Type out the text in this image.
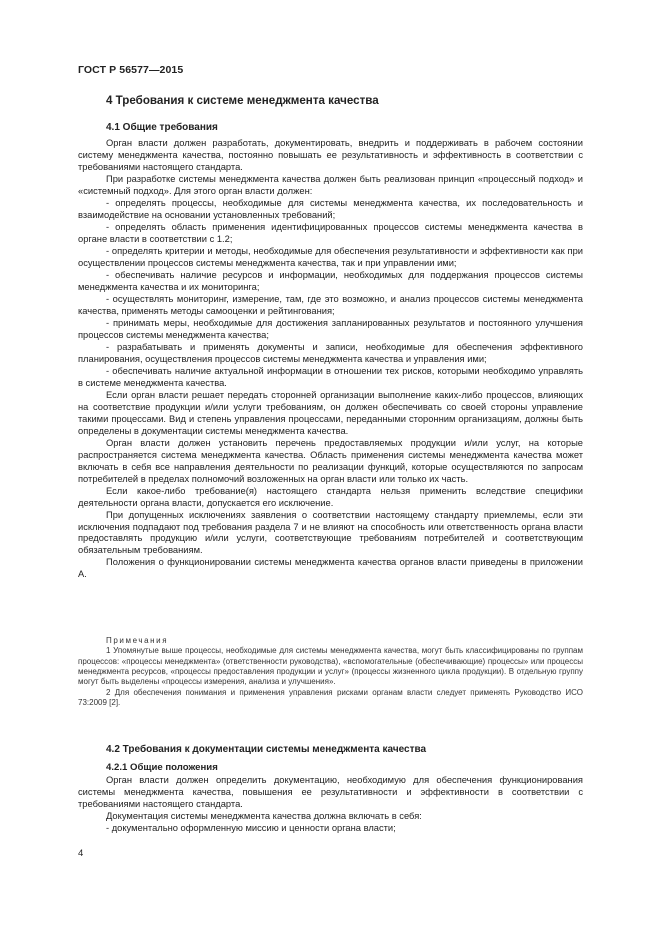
ГОСТ Р 56577—2015
4 Требования к системе менеджмента качества
4.1 Общие требования

Орган власти должен разработать, документировать, внедрить и поддерживать в рабочем состоянии систему менеджмента качества, постоянно повышать ее результативность и эффективность в соответствии с требованиями настоящего стандарта.

При разработке системы менеджмента качества должен быть реализован принцип «процессный подход» и «системный подход». Для этого орган власти должен:

- определять процессы, необходимые для системы менеджмента качества, их последовательность и взаимодействие на основании установленных требований;

- определять область применения идентифицированных процессов системы менеджмента качества в органе власти в соответствии с 1.2;

- определять критерии и методы, необходимые для обеспечения результативности и эффективности как при осуществлении процессов системы менеджмента качества, так и при управлении ими;

- обеспечивать наличие ресурсов и информации, необходимых для поддержания процессов системы менеджмента качества и их мониторинга;

- осуществлять мониторинг, измерение, там, где это возможно, и анализ процессов системы менеджмента качества, применять методы самооценки и рейтингования;

- принимать меры, необходимые для достижения запланированных результатов и постоянного улучшения процессов системы менеджмента качества;

- разрабатывать и применять документы и записи, необходимые для обеспечения эффективного планирования, осуществления процессов системы менеджмента качества и управления ими;

- обеспечивать наличие актуальной информации в отношении тех рисков, которыми необходимо управлять в системе менеджмента качества.

Если орган власти решает передать сторонней организации выполнение каких-либо процессов, влияющих на соответствие продукции и/или услуги требованиям, он должен обеспечивать со своей стороны управление такими процессами. Вид и степень управления процессами, переданными сторонним организациям, должны быть определены в документации системы менеджмента качества.

Орган власти должен установить перечень предоставляемых продукции и/или услуг, на которые распространяется система менеджмента качества. Область применения системы менеджмента качества может включать в себя все направления деятельности по реализации функций, которые осуществляются по запросам потребителей в пределах полномочий возложенных на орган власти или только их часть.

Если какое-либо требование(я) настоящего стандарта нельзя применить вследствие специфики деятельности органа власти, допускается его исключение.

При допущенных исключениях заявления о соответствии настоящему стандарту приемлемы, если эти исключения подпадают под требования раздела 7 и не влияют на способность или ответственность органа власти предоставлять продукцию и/или услуги, соответствующие требованиям потребителей и соответствующим обязательным требованиям.

Положения о функционировании системы менеджмента качества органов власти приведены в приложении А.

Примечания

1 Упомянутые выше процессы, необходимые для системы менеджмента качества, могут быть классифицированы по группам процессов: «процессы менеджмента» (ответственности руководства), «вспомогательные (обеспечивающие) процессы» или процессы менеджмента ресурсов, «процессы предоставления продукции и услуг» (процессы жизненного цикла продукции). В отдельную группу могут быть выделены «процессы измерения, анализа и улучшения».

2 Для обеспечения понимания и применения управления рисками органам власти следует применять Руководство ИСО 73:2009 [2].

4.2 Требования к документации системы менеджмента качества
4.2.1 Общие положения

Орган власти должен определить документацию, необходимую для обеспечения функционирования системы менеджмента качества, повышения ее результативности и эффективности в соответствии с требованиями настоящего стандарта.

Документация системы менеджмента качества должна включать в себя:

- документально оформленную миссию и ценности органа власти;

4
